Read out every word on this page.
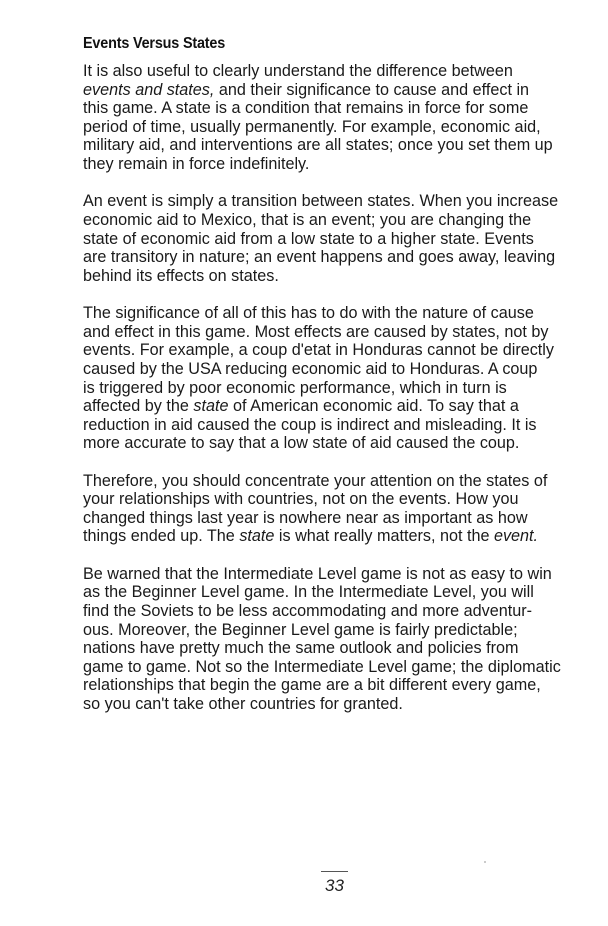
Events Versus States

It is also useful to clearly understand the difference between
events and states, and their significance to cause and effect in
this game. A state is a condition that remains in force for some
period of time, usually permanently. For example, economic aid,
military aid, and interventions are all states; once you set them up
they remain in force indefinitely.

An event is simply a transition between states. When you increase
economic aid to Mexico, that is an event; you are changing the
state of economic aid from a low state to a higher state. Events
are transitory in nature; an event happens and goes away, leaving
behind its effects on states.

The significance of all of this has to do with the nature of cause
and effect in this game. Most effects are caused by states, not by
events. For example, a coup d'etat in Honduras cannot be directly
caused by the USA reducing economic aid to Honduras. A coup
is triggered by poor economic performance, which in turn is
affected by the state of American economic aid. To say that a
reduction in aid caused the coup is indirect and misleading. It is
more accurate to say that a low state of aid caused the coup.

Therefore, you should concentrate your attention on the states of
your relationships with countries, not on the events. How you
changed things last year is nowhere near as important as how
things ended up. The state is what really matters, not the event.

Be warned that the Intermediate Level game is not as easy to win
as the Beginner Level game. In the Intermediate Level, you will
find the Soviets to be less accommodating and more adventur-
ous. Moreover, the Beginner Level game is fairly predictable;
nations have pretty much the same outlook and policies from
game to game. Not so the Intermediate Level game; the diplomatic
relationships that begin the game are a bit different every game,
so you can't take other countries for granted.

33
